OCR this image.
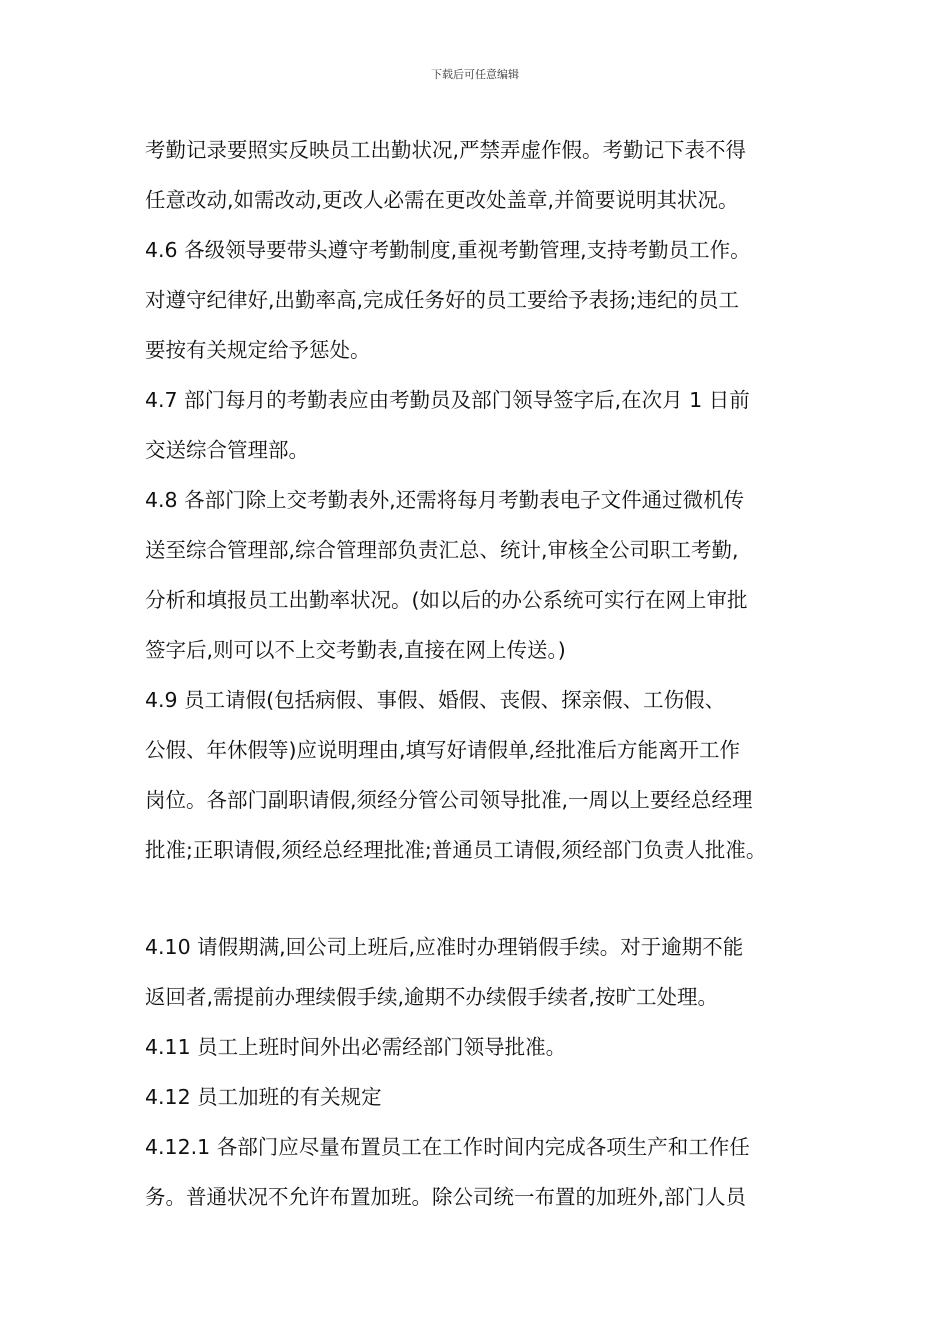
下载后可任意编辑
考勤记录要照实反映员工出勤状况,严禁弄虚作假。考勤记下表不得
任意改动,如需改动,更改人必需在更改处盖章,并简要说明其状况。
4.6 各级领导要带头遵守考勤制度,重视考勤管理,支持考勤员工作。
对遵守纪律好,出勤率高,完成任务好的员工要给予表扬;违纪的员工
要按有关规定给予惩处。
4.7 部门每月的考勤表应由考勤员及部门领导签字后,在次月 1 日前
交送综合管理部。
4.8 各部门除上交考勤表外,还需将每月考勤表电子文件通过微机传
送至综合管理部,综合管理部负责汇总、统计,审核全公司职工考勤,
分析和填报员工出勤率状况。(如以后的办公系统可实行在网上审批
签字后,则可以不上交考勤表,直接在网上传送。)
4.9 员工请假(包括病假、事假、婚假、丧假、探亲假、工伤假、
公假、年休假等)应说明理由,填写好请假单,经批准后方能离开工作
岗位。各部门副职请假,须经分管公司领导批准,一周以上要经总经理
批准;正职请假,须经总经理批准;普通员工请假,须经部门负责人批准。
4.10 请假期满,回公司上班后,应准时办理销假手续。对于逾期不能
返回者,需提前办理续假手续,逾期不办续假手续者,按旷工处理。
4.11 员工上班时间外出必需经部门领导批准。
4.12 员工加班的有关规定
4.12.1 各部门应尽量布置员工在工作时间内完成各项生产和工作任
务。普通状况不允许布置加班。除公司统一布置的加班外,部门人员
